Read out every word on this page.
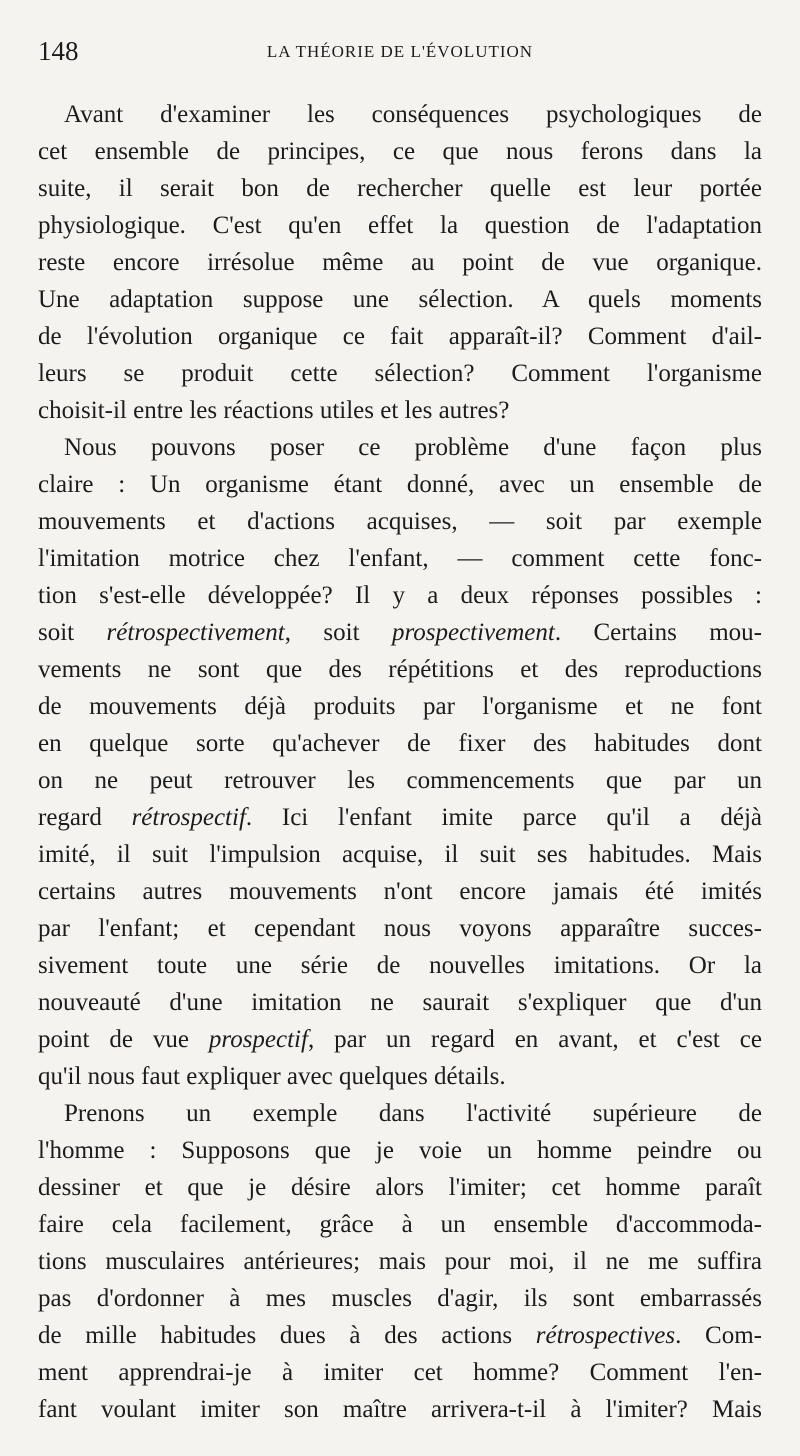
148	LA THÉORIE DE L'ÉVOLUTION
Avant d'examiner les conséquences psychologiques de
cet ensemble de principes, ce que nous ferons dans la
suite, il serait bon de rechercher quelle est leur portée
physiologique. C'est qu'en effet la question de l'adaptation
reste encore irrésolue même au point de vue organique.
Une adaptation suppose une sélection. A quels moments
de l'évolution organique ce fait apparaît-il? Comment d'ail-
leurs se produit cette sélection? Comment l'organisme
choisit-il entre les réactions utiles et les autres?
Nous pouvons poser ce problème d'une façon plus
claire : Un organisme étant donné, avec un ensemble de
mouvements et d'actions acquises, — soit par exemple
l'imitation motrice chez l'enfant, — comment cette fonc-
tion s'est-elle développée? Il y a deux réponses possibles :
soit rétrospectivement, soit prospectivement. Certains mou-
vements ne sont que des répétitions et des reproductions
de mouvements déjà produits par l'organisme et ne font
en quelque sorte qu'achever de fixer des habitudes dont
on ne peut retrouver les commencements que par un
regard rétrospectif. Ici l'enfant imite parce qu'il a déjà
imité, il suit l'impulsion acquise, il suit ses habitudes. Mais
certains autres mouvements n'ont encore jamais été imités
par l'enfant; et cependant nous voyons apparaître succes-
sivement toute une série de nouvelles imitations. Or la
nouveauté d'une imitation ne saurait s'expliquer que d'un
point de vue prospectif, par un regard en avant, et c'est ce
qu'il nous faut expliquer avec quelques détails.
Prenons un exemple dans l'activité supérieure de
l'homme : Supposons que je voie un homme peindre ou
dessiner et que je désire alors l'imiter; cet homme paraît
faire cela facilement, grâce à un ensemble d'accommoda-
tions musculaires antérieures; mais pour moi, il ne me suffira
pas d'ordonner à mes muscles d'agir, ils sont embarrassés
de mille habitudes dues à des actions rétrospectives. Com-
ment apprendrai-je à imiter cet homme? Comment l'en-
fant voulant imiter son maître arrivera-t-il à l'imiter? Mais
